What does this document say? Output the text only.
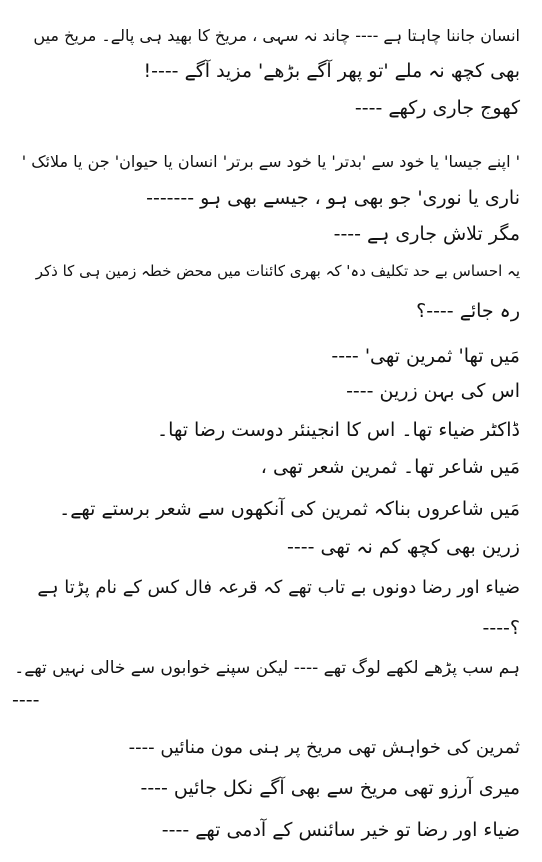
انسان جاننا چاہتا ہے ---- چاند نہ سہی ، مریخ کا بھید ہی پالے۔ مریخ میں
بھی کچھ نہ ملے 'تو پھر آگے بڑھے' مزید آگے ----!
کھوج جاری رکھے ----
' اپنے جیسا' یا خود سے 'بدتر' یا خود سے برتر' انسان یا حیوان' جن یا ملائک '
ناری یا نوری' جو بھی ہو ، جیسے بھی ہو -------
مگر تلاش جاری ہے ----
یہ احساس بے حد تکلیف دہ' کہ بھری کائنات میں محض خطہ زمین ہی کا ذکر
رہ جائے ----؟
مَیں تھا' ثمرین تھی' ----
اس کی بہن زرین ----
ڈاکٹر ضیاء تھا۔ اس کا انجینئر دوست رضا تھا۔
مَیں شاعر تھا۔ ثمرین شعر تھی ،
مَیں شاعروں بناکہ ثمرین کی آنکھوں سے شعر برستے تھے۔
زرین بھی کچھ کم نہ تھی ----
ضیاء اور رضا دونوں بے تاب تھے کہ قرعہ فال کس کے نام پڑتا ہے
؟----
ہم سب پڑھے لکھے لوگ تھے ---- لیکن سپنے خوابوں سے خالی نہیں تھے۔
----
ثمرین کی خواہش تھی مریخ پر ہنی مون منائیں ----
میری آرزو تھی مریخ سے بھی آگے نکل جائیں ----
ضیاء اور رضا تو خیر سائنس کے آدمی تھے ----
